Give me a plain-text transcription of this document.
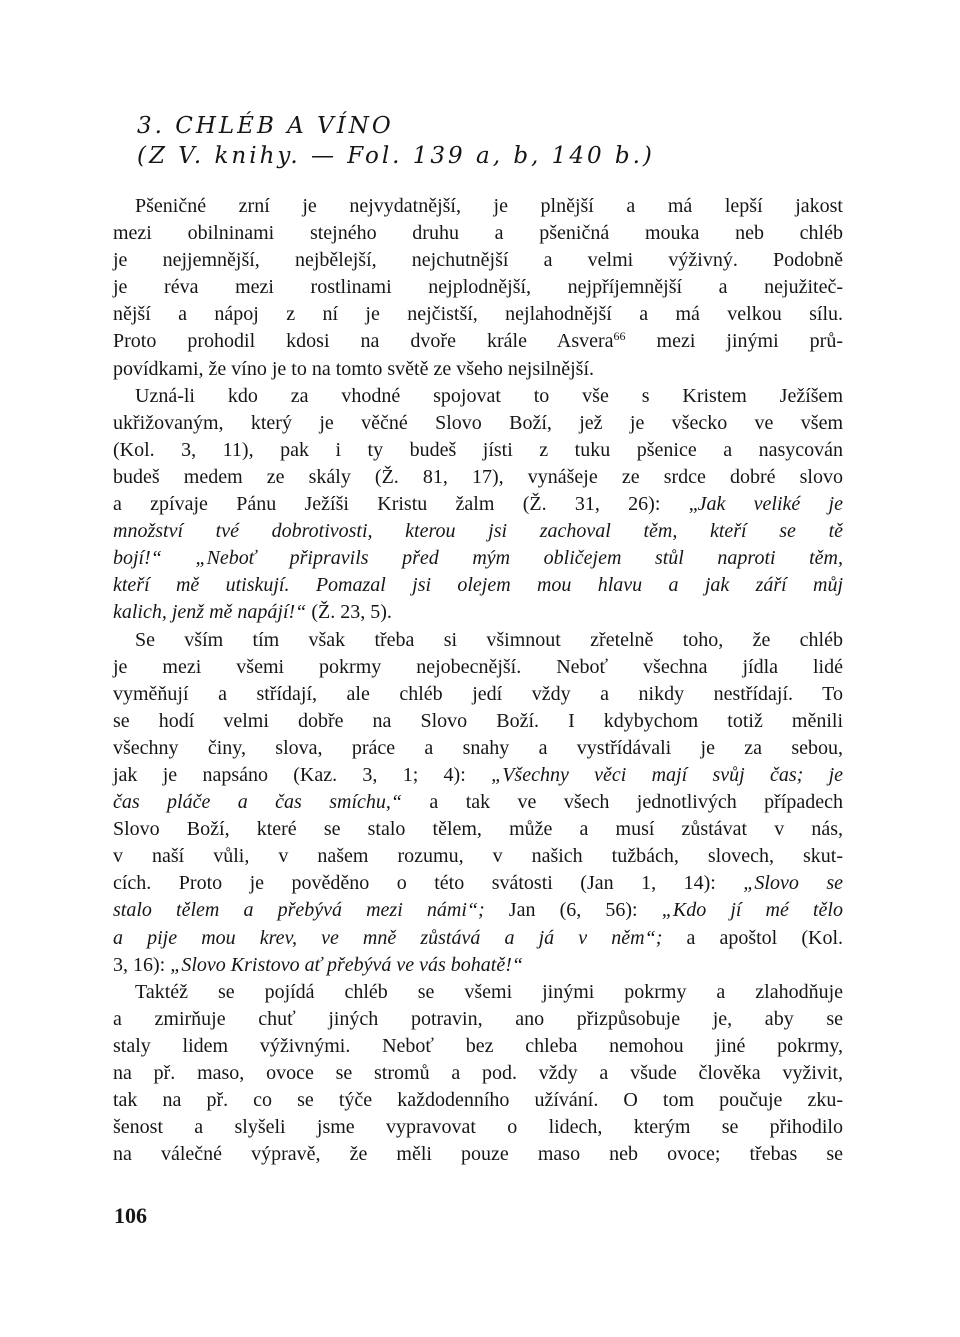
3. CHLÉB A VÍNO
(Z V. knihy. — Fol. 139 a, b, 140 b.)
Pšeničné zrní je nejvydatnější, je plnější a má lepší jakost
mezi obilninami stejného druhu a pšeničná mouka neb chléb
je nejjemnější, nejbělejší, nejchutnější a velmi výživný. Podobně
je réva mezi rostlinami nejplodnější, nejpříjemnější a nejužiteč-
nější a nápoj z ní je nejčistší, nejlahodnější a má velkou sílu.
Proto prohodil kdosi na dvoře krále Asvera$^{66}$ mezi jinými prů-
povídkami, že víno je to na tomto světě ze všeho nejsilnější.
Uzná-li kdo za vhodné spojovat to vše s Kristem Ježíšem
ukřižovaným, který je věčné Slovo Boží, jež je všecko ve všem
(Kol. 3, 11), pak i ty budeš jísti z tuku pšenice a nasycován
budeš medem ze skály (Ž. 81, 17), vynášeje ze srdce dobré slovo
a zpívaje Pánu Ježíši Kristu žalm (Ž. 31, 26): „Jak veliké je
množství tvé dobrotivosti, kterou jsi zachoval těm, kteří se tě
bojí!“ „Neboť připravils před mým obličejem stůl naproti těm,
kteří mě utiskují. Pomazal jsi olejem mou hlavu a jak září můj
kalich, jenž mě napájí!“ (Ž. 23, 5).
Se vším tím však třeba si všimnout zřetelně toho, že chléb
je mezi všemi pokrmy nejobecnější. Neboť všechna jídla lidé
vyměňují a střídají, ale chléb jedí vždy a nikdy nestřídají. To
se hodí velmi dobře na Slovo Boží. I kdybychom totiž měnili
všechny činy, slova, práce a snahy a vystřídávali je za sebou,
jak je napsáno (Kaz. 3, 1; 4): „Všechny věci mají svůj čas; je
čas pláče a čas smíchu,“ a tak ve všech jednotlivých případech
Slovo Boží, které se stalo tělem, může a musí zůstávat v nás,
v naší vůli, v našem rozumu, v našich tužbách, slovech, skut-
cích. Proto je pověděno o této svátosti (Jan 1, 14): „Slovo se
stalo tělem a přebývá mezi námi“; Jan (6, 56): „Kdo jí mé tělo
a pije mou krev, ve mně zůstává a já v něm“; a apoštol (Kol.
3, 16): „Slovo Kristovo ať přebývá ve vás bohatě!“
Taktéž se pojídá chléb se všemi jinými pokrmy a zlahodňuje
a zmirňuje chuť jiných potravin, ano přizpůsobuje je, aby se
staly lidem výživnými. Neboť bez chleba nemohou jiné pokrmy,
na př. maso, ovoce se stromů a pod. vždy a všude člověka vyživit,
tak na př. co se týče každodenního užívání. O tom poučuje zku-
šenost a slyšeli jsme vypravovat o lidech, kterým se přihodilo
na válečné výpravě, že měli pouze maso neb ovoce; třebas se
106
